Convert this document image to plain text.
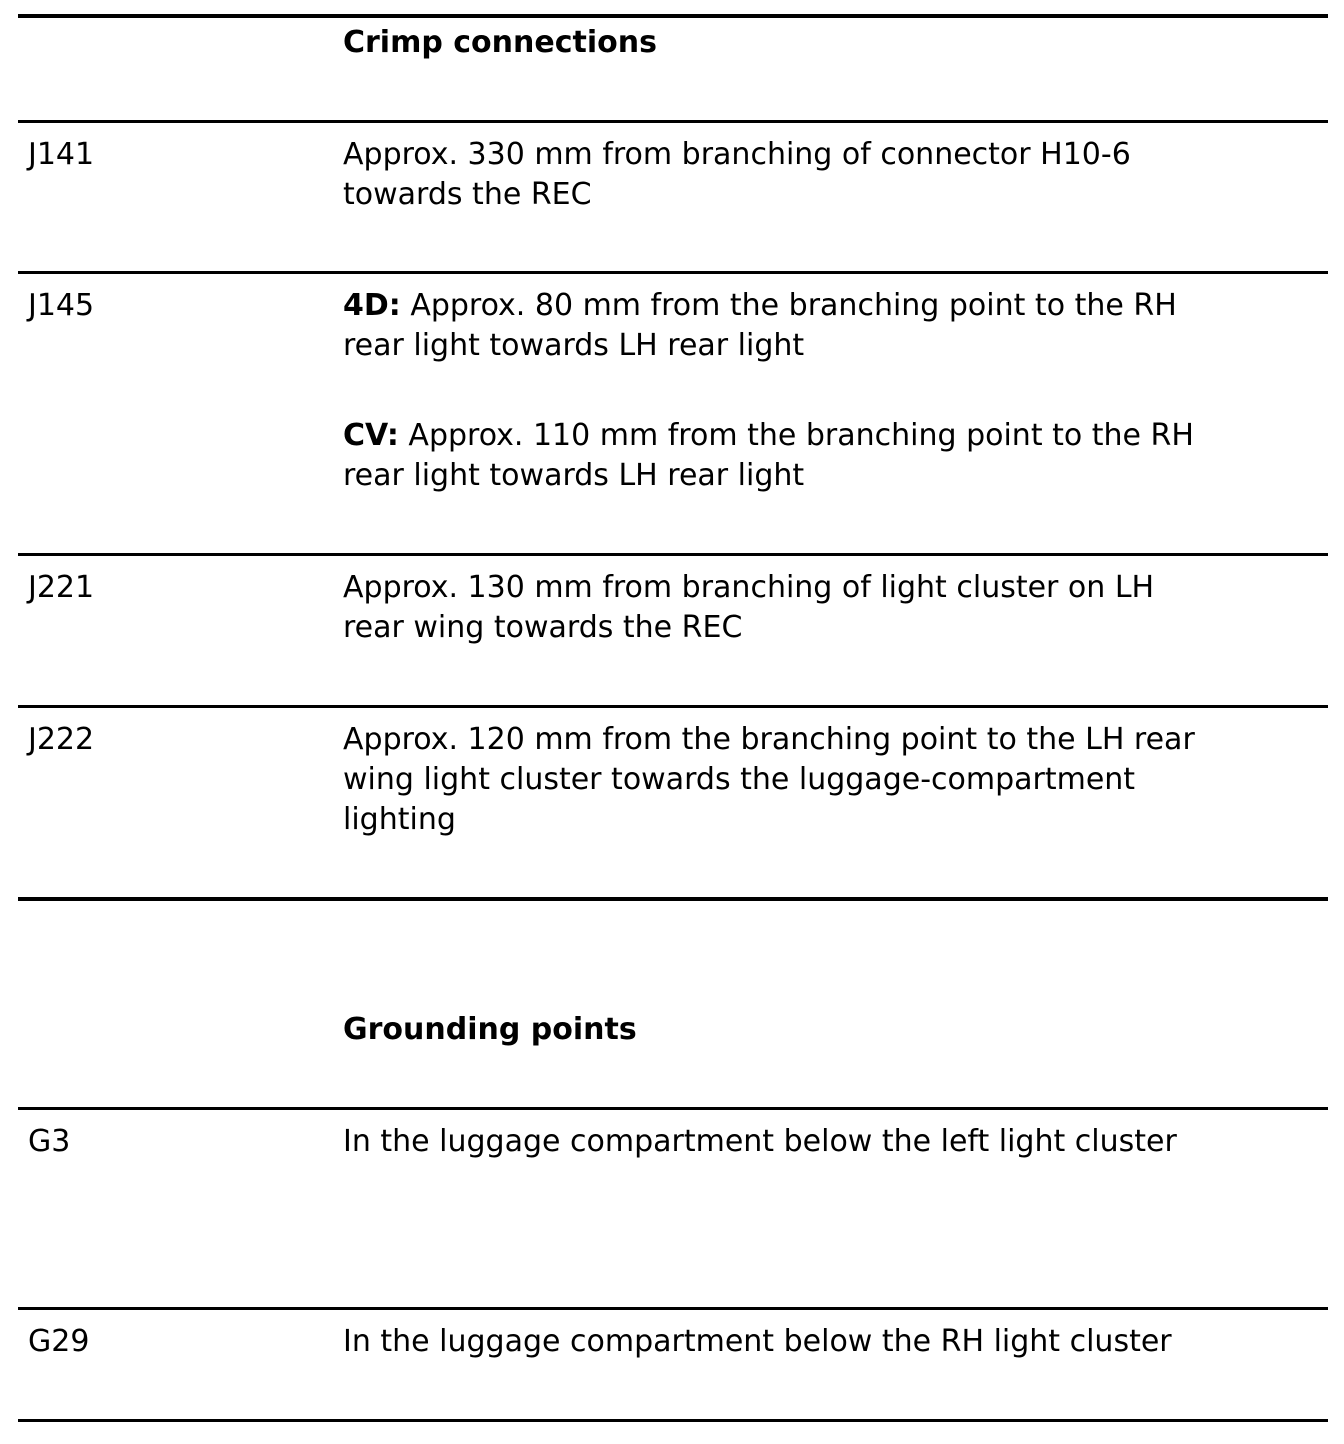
Crimp connections
J141	Approx. 330 mm from branching of connector H10-6
towards the REC
J145	4D: Approx. 80 mm from the branching point to the RH
rear light towards LH rear light
CV: Approx. 110 mm from the branching point to the RH
rear light towards LH rear light
J221	Approx. 130 mm from branching of light cluster on LH
rear wing towards the REC
J222	Approx. 120 mm from the branching point to the LH rear
wing light cluster towards the luggage-compartment
lighting
Grounding points
G3	In the luggage compartment below the left light cluster
G29	In the luggage compartment below the RH light cluster
